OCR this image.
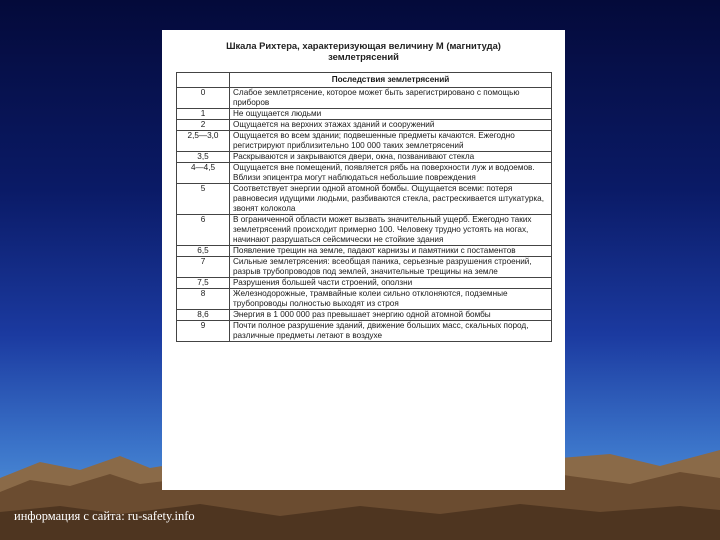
Шкала Рихтера, характеризующая величину М (магнитуда)
землетрясений
	Последствия землетрясений
0	Слабое землетрясение, которое может быть зарегистрировано с помощью приборов
1	Не ощущается людьми
2	Ощущается на верхних этажах зданий и сооружений
2,5—3,0	Ощущается во всем здании; подвешенные предметы качаются. Ежегодно регистрируют приблизительно 100 000 таких землетрясений
3,5	Раскрываются и закрываются двери, окна, позванивают стекла
4—4,5	Ощущается вне помещений, появляется рябь на поверхности луж и водоемов. Вблизи эпицентра могут наблюдаться небольшие повреждения
5	Соответствует энергии одной атомной бомбы. Ощущается всеми: потеря равновесия идущими людьми, разбиваются стекла, растрескивается штукатурка, звонят колокола
6	В ограниченной области может вызвать значительный ущерб. Ежегодно таких землетрясений происходит примерно 100. Человеку трудно устоять на ногах, начинают разрушаться сейсмически не стойкие здания
6,5	Появление трещин на земле, падают карнизы и памятники с постаментов
7	Сильные землетрясения: всеобщая паника, серьезные разрушения строений, разрыв трубопроводов под землей, значительные трещины на земле
7,5	Разрушения большей части строений, оползни
8	Железнодорожные, трамвайные колеи сильно отклоняются, подземные трубопроводы полностью выходят из строя
8,6	Энергия в 1 000 000 раз превышает энергию одной атомной бомбы
9	Почти полное разрушение зданий, движение больших масс, скальных пород, различные предметы летают в воздухе
информация с сайта: ru-safety.info
